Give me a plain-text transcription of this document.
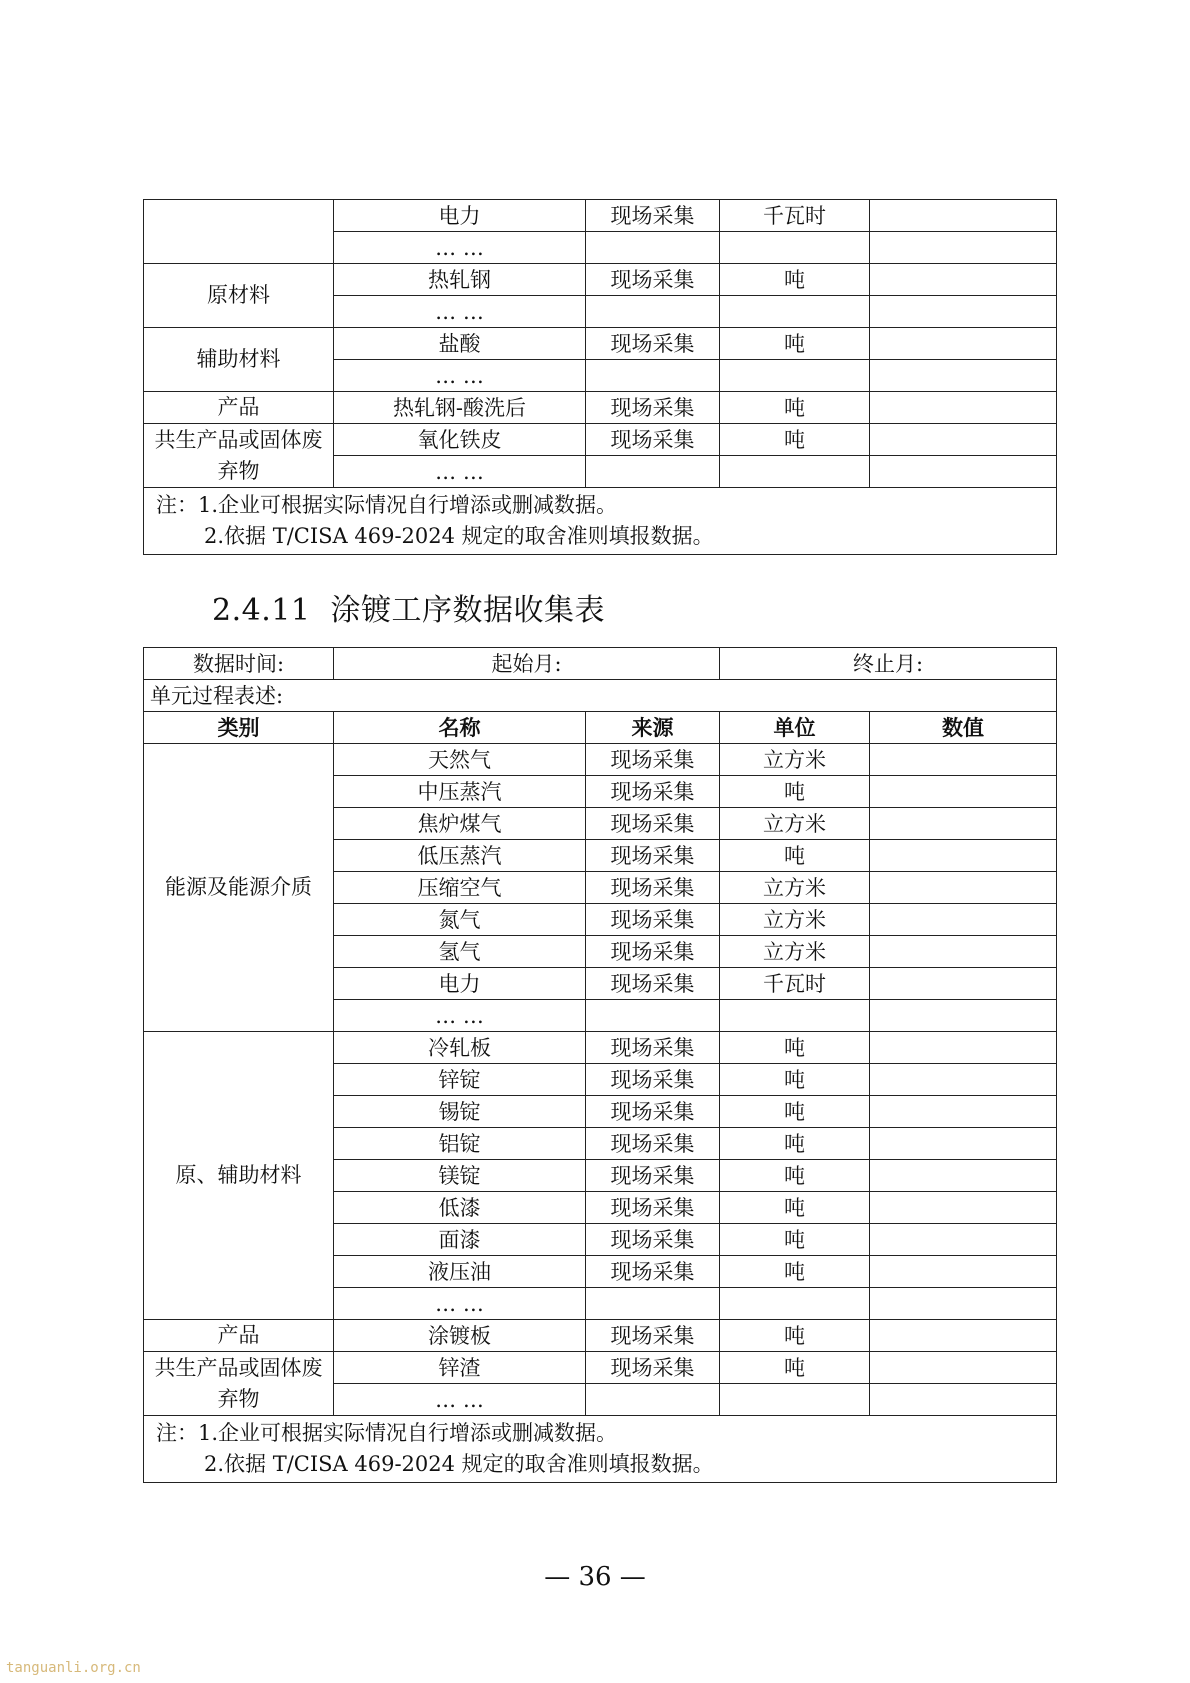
	电力	现场采集	千瓦时	
	… …			
原材料	热轧钢	现场采集	吨	
	… …			
辅助材料	盐酸	现场采集	吨	
	… …			
产品	热轧钢-酸洗后	现场采集	吨	
共生产品或固体废弃物	氧化铁皮	现场采集	吨	
	… …			
注：1.企业可根据实际情况自行增添或删减数据。
2.依据 T/CISA 469-2024 规定的取舍准则填报数据。				
2.4.11 涂镀工序数据收集表
数据时间:	起始月:		终止月:	
单元过程表述:				
类别	名称	来源	单位	数值
能源及能源介质	天然气	现场采集	立方米	
	中压蒸汽	现场采集	吨	
	焦炉煤气	现场采集	立方米	
	低压蒸汽	现场采集	吨	
	压缩空气	现场采集	立方米	
	氮气	现场采集	立方米	
	氢气	现场采集	立方米	
	电力	现场采集	千瓦时	
	… …			
原、辅助材料	冷轧板	现场采集	吨	
	锌锭	现场采集	吨	
	锡锭	现场采集	吨	
	铝锭	现场采集	吨	
	镁锭	现场采集	吨	
	低漆	现场采集	吨	
	面漆	现场采集	吨	
	液压油	现场采集	吨	
	… …			
产品	涂镀板	现场采集	吨	
共生产品或固体废弃物	锌渣	现场采集	吨	
	… …			
注：1.企业可根据实际情况自行增添或删减数据。
2.依据 T/CISA 469-2024 规定的取舍准则填报数据。				
— 36 —
tanguanli.org.cn
